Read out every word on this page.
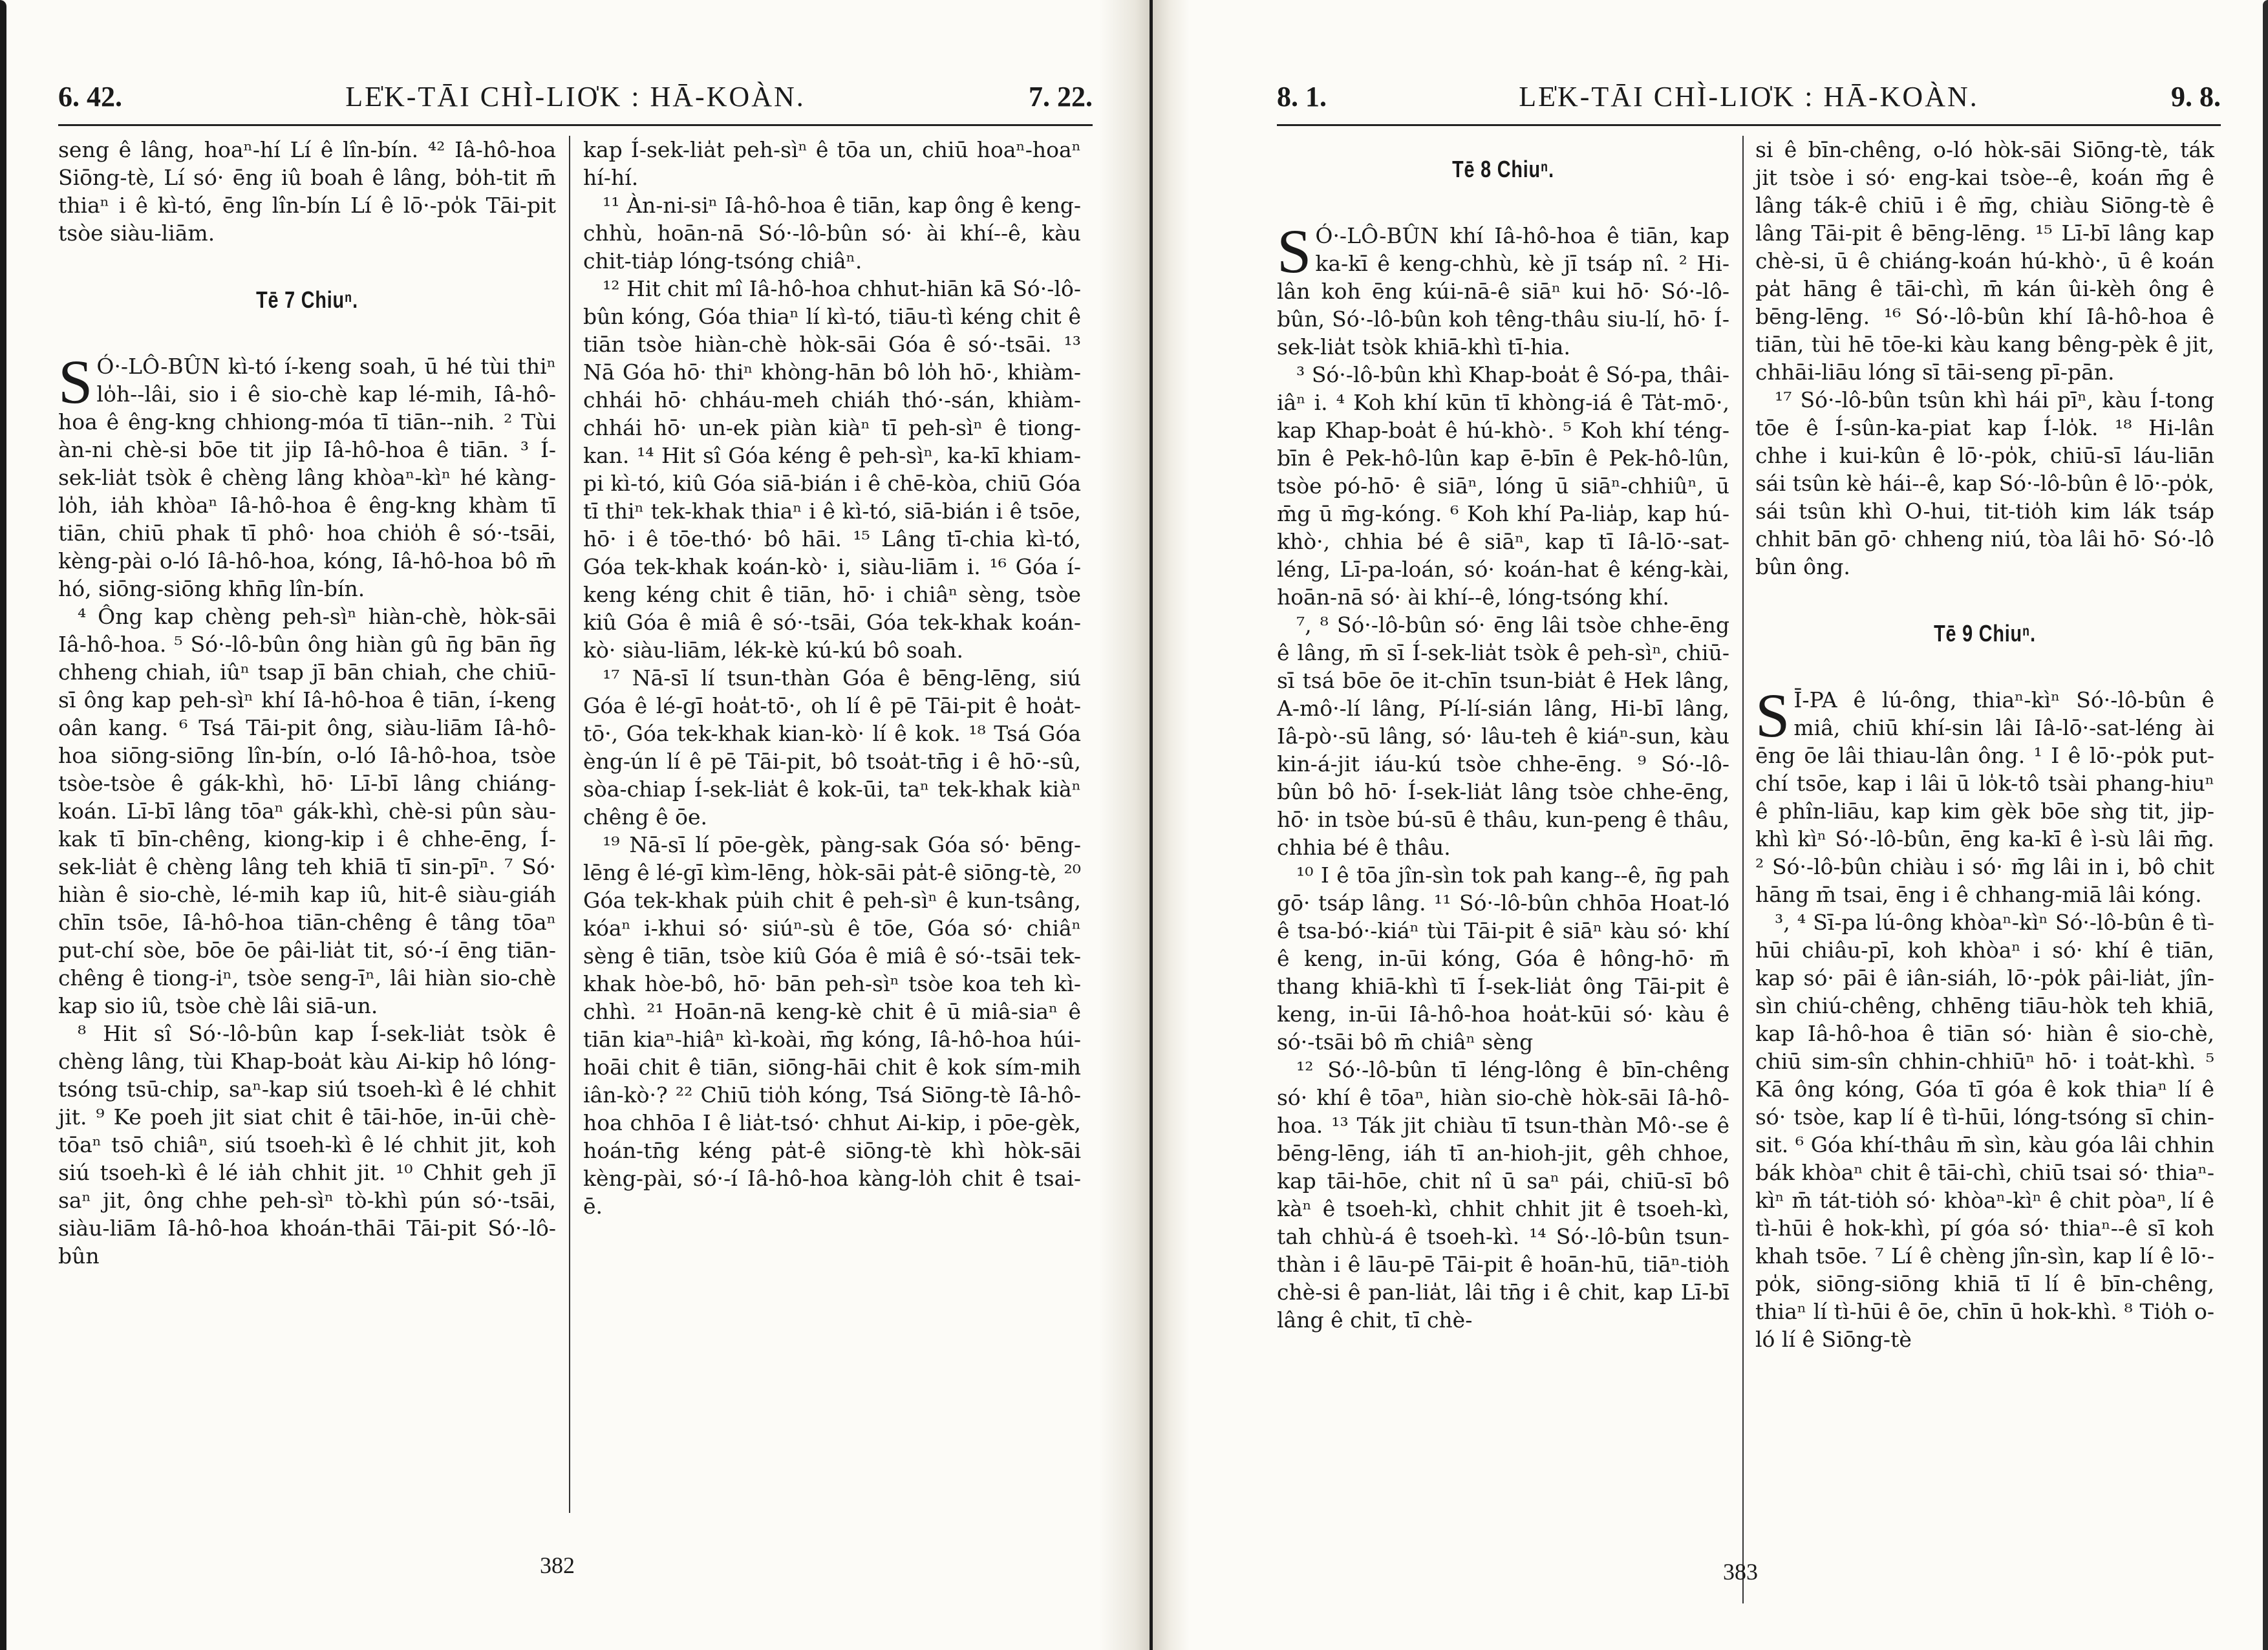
6. 42.	LE̍K-TĀI CHÌ-LIO̍K : HĀ-KOÀN.	7. 22.
seng ê lâng, hoaⁿ-hí Lí ê lîn-bín. ⁴² Iâ-hô-hoa Siōng-tè, Lí só· ēng iû boah ê lâng, bo̍h-tit m̄ thiaⁿ i ê kì-tó, ēng lîn-bín Lí ê lō·-po̍k Tāi-pit tsòe siàu-liām.
Tē 7 Chiuⁿ.
S Ó·-LÔ-BÛN kì-tó í-keng soah, ū hé tùi thiⁿ lo̍h--lâi, sio i ê sio-chè kap lé-mih, Iâ-hô-hoa ê êng-kng chhiong-móa tī tiān--nih. ² Tùi àn-ni chè-si bōe tit ji̍p Iâ-hô-hoa ê tiān. ³ Í-sek-lia̍t tsòk ê chèng lâng khòaⁿ-kìⁿ hé kàng-lo̍h, ia̍h khòaⁿ Iâ-hô-hoa ê êng-kng khàm tī tiān, chiū phak tī phô· hoa chio̍h ê só·-tsāi, kèng-pài o-ló Iâ-hô-hoa, kóng, Iâ-hô-hoa bô m̄ hó, siōng-siōng khn̄g lîn-bín.
⁴ Ông kap chèng peh-sìⁿ hiàn-chè, hòk-sāi Iâ-hô-hoa. ⁵ Só·-lô-bûn ông hiàn gû n̄g bān n̄g chheng chiah, iûⁿ tsap jī bān chiah, che chiū-sī ông kap peh-sìⁿ khí Iâ-hô-hoa ê tiān, í-keng oân kang. ⁶ Tsá Tāi-pit ông, siàu-liām Iâ-hô-hoa siōng-siōng lîn-bín, o-ló Iâ-hô-hoa, tsòe tsòe-tsòe ê gák-khì, hō· Lī-bī lâng chiáng-koán. Lī-bī lâng tōaⁿ gák-khì, chè-si pûn sàu-kak tī bīn-chêng, kiong-kip i ê chhe-ēng, Í-sek-lia̍t ê chèng lâng teh khiā tī sin-pīⁿ. ⁷ Só· hiàn ê sio-chè, lé-mih kap iû, hit-ê siàu-giáh chīn tsōe, Iâ-hô-hoa tiān-chêng ê tâng tōaⁿ put-chí sòe, bōe ōe pâi-lia̍t tit, só·-í ēng tiān-chêng ê tiong-iⁿ, tsòe seng-īⁿ, lâi hiàn sio-chè kap sio iû, tsòe chè lâi siā-un.
⁸ Hit sî Só·-lô-bûn kap Í-sek-lia̍t tsòk ê chèng lâng, tùi Khap-boa̍t kàu Ai-kip hô lóng-tsóng tsū-chi̍p, saⁿ-kap siú tsoeh-kì ê lé chhit jit. ⁹ Ke poeh jit siat chit ê tāi-hōe, in-ūi chè-tōaⁿ tsō chiâⁿ, siú tsoeh-kì ê lé chhit jit, koh siú tsoeh-kì ê lé ia̍h chhit jit. ¹⁰ Chhit geh jī saⁿ jit, ông chhe peh-sìⁿ tò-khì pún só·-tsāi, siàu-liām Iâ-hô-hoa khoán-thāi Tāi-pit Só·-lô-bûn
kap Í-sek-lia̍t peh-sìⁿ ê tōa un, chiū hoaⁿ-hoaⁿ hí-hí.
¹¹ Àn-ni-siⁿ Iâ-hô-hoa ê tiān, kap ông ê keng-chhù, hoān-nā Só·-lô-bûn só· ài khí--ê, kàu chit-tia̍p lóng-tsóng chiâⁿ.
¹² Hit chit mî Iâ-hô-hoa chhut-hiān kā Só·-lô-bûn kóng, Góa thiaⁿ lí kì-tó, tiāu-tì kéng chit ê tiān tsòe hiàn-chè hòk-sāi Góa ê só·-tsāi. ¹³ Nā Góa hō· thiⁿ khòng-hān bô lo̍h hō·, khiàm-chhái hō· chháu-meh chiáh thó·-sán, khiàm-chhái hō· un-ek piàn kiàⁿ tī peh-sìⁿ ê tiong-kan. ¹⁴ Hit sî Góa kéng ê peh-sìⁿ, ka-kī khiam-pi kì-tó, kiû Góa siā-bián i ê chē-kòa, chiū Góa tī thiⁿ tek-khak thiaⁿ i ê kì-tó, siā-bián i ê tsōe, hō· i ê tōe-thó· bô hāi. ¹⁵ Lâng tī-chia kì-tó, Góa tek-khak koán-kò· i, siàu-liām i. ¹⁶ Góa í-keng kéng chit ê tiān, hō· i chiâⁿ sèng, tsòe kiû Góa ê miâ ê só·-tsāi, Góa tek-khak koán-kò· siàu-liām, lék-kè kú-kú bô soah.
¹⁷ Nā-sī lí tsun-thàn Góa ê bēng-lēng, siú Góa ê lé-gī hoa̍t-tō·, oh lí ê pē Tāi-pit ê hoa̍t-tō·, Góa tek-khak kian-kò· lí ê kok. ¹⁸ Tsá Góa èng-ún lí ê pē Tāi-pit, bô tsoa̍t-tn̄g i ê hō·-sû, sòa-chiap Í-sek-lia̍t ê kok-ūi, taⁿ tek-khak kiàⁿ chêng ê ōe.
¹⁹ Nā-sī lí pōe-gèk, pàng-sak Góa só· bēng-lēng ê lé-gī kìm-lēng, hòk-sāi pa̍t-ê siōng-tè, ²⁰ Góa tek-khak pu̍ih chit ê peh-sìⁿ ê kun-tsâng, kóaⁿ i-khui só· siúⁿ-sù ê tōe, Góa só· chiâⁿ sèng ê tiān, tsòe kiû Góa ê miâ ê só·-tsāi tek-khak hòe-bô, hō· bān peh-sìⁿ tsòe koa teh kì-chhì. ²¹ Hoān-nā keng-kè chit ê ū miâ-siaⁿ ê tiān kiaⁿ-hiâⁿ kì-koài, m̄g kóng, Iâ-hô-hoa húi-hoāi chit ê tiān, siōng-hāi chit ê kok sím-mih iân-kò·? ²² Chiū tio̍h kóng, Tsá Siōng-tè Iâ-hô-hoa chhōa I ê lia̍t-tsó· chhut Ai-kip, i pōe-gèk, hoán-tn̄g kéng pa̍t-ê siōng-tè khì hòk-sāi kèng-pài, só·-í Iâ-hô-hoa kàng-lo̍h chit ê tsai-ē.
382
8. 1.	LE̍K-TĀI CHÌ-LIO̍K : HĀ-KOÀN.	9. 8.
Tē 8 Chiuⁿ.
S Ó·-LÔ-BÛN khí Iâ-hô-hoa ê tiān, kap ka-kī ê keng-chhù, kè jī tsáp nî. ² Hi-lân koh ēng kúi-nā-ê siāⁿ kui hō· Só·-lô-bûn, Só·-lô-bûn koh têng-thâu siu-lí, hō· Í-sek-lia̍t tsòk khiā-khì tī-hia.
³ Só·-lô-bûn khì Khap-boa̍t ê Só-pa, thâi-iâⁿ i. ⁴ Koh khí kūn tī khòng-iá ê Ta̍t-mō·, kap Khap-boa̍t ê hú-khò·. ⁵ Koh khí téng-bīn ê Pek-hô-lûn kap ē-bīn ê Pek-hô-lûn, tsòe pó-hō· ê siāⁿ, lóng ū siāⁿ-chhiûⁿ, ū m̄g ū m̄g-kóng. ⁶ Koh khí Pa-lia̍p, kap hú-khò·, chhia bé ê siāⁿ, kap tī Iâ-lō·-sat-léng, Lī-pa-loán, só· koán-hat ê kéng-kài, hoān-nā só· ài khí--ê, lóng-tsóng khí.
⁷, ⁸ Só·-lô-bûn só· ēng lâi tsòe chhe-ēng ê lâng, m̄ sī Í-sek-lia̍t tsòk ê peh-sìⁿ, chiū-sī tsá bōe ōe it-chīn tsun-bia̍t ê Hek lâng, A-mô·-lí lâng, Pí-lí-sián lâng, Hi-bī lâng, Iâ-pò·-sū lâng, só· lâu-teh ê kiáⁿ-sun, kàu kin-á-jit iáu-kú tsòe chhe-ēng. ⁹ Só·-lô-bûn bô hō· Í-sek-lia̍t lâng tsòe chhe-ēng, hō· in tsòe bú-sū ê thâu, kun-peng ê thâu, chhia bé ê thâu.
¹⁰ I ê tōa jîn-sìn tok pah kang--ê, n̄g pah gō· tsáp lâng. ¹¹ Só·-lô-bûn chhōa Hoat-ló ê tsa-bó·-kiáⁿ tùi Tāi-pit ê siāⁿ kàu só· khí ê keng, in-ūi kóng, Góa ê hông-hō· m̄ thang khiā-khì tī Í-sek-lia̍t ông Tāi-pit ê keng, in-ūi Iâ-hô-hoa hoa̍t-kūi só· kàu ê só·-tsāi bô m̄ chiâⁿ sèng
¹² Só·-lô-bûn tī léng-lông ê bīn-chêng só· khí ê tōaⁿ, hiàn sio-chè hòk-sāi Iâ-hô-hoa. ¹³ Ták jit chiàu tī tsun-thàn Mô·-se ê bēng-lēng, iáh tī an-hioh-jit, gêh chhoe, kap tāi-hōe, chit nî ū saⁿ pái, chiū-sī bô kàⁿ ê tsoeh-kì, chhit chhit jit ê tsoeh-kì, tah chhù-á ê tsoeh-kì. ¹⁴ Só·-lô-bûn tsun-thàn i ê lāu-pē Tāi-pit ê hoān-hū, tiāⁿ-tio̍h chè-si ê pan-lia̍t, lâi tn̄g i ê chit, kap Lī-bī lâng ê chit, tī chè-
si ê bīn-chêng, o-ló hòk-sāi Siōng-tè, ták jit tsòe i só· eng-kai tsòe--ê, koán m̄g ê lâng ták-ê chiū i ê m̄g, chiàu Siōng-tè ê lâng Tāi-pit ê bēng-lēng. ¹⁵ Lī-bī lâng kap chè-si, ū ê chiáng-koán hú-khò·, ū ê koán pa̍t hāng ê tāi-chì, m̄ kán ûi-kèh ông ê bēng-lēng. ¹⁶ Só·-lô-bûn khí Iâ-hô-hoa ê tiān, tùi hē tōe-ki kàu kang bêng-pèk ê jit, chhāi-liāu lóng sī tāi-seng pī-pān.
¹⁷ Só·-lô-bûn tsûn khì hái pīⁿ, kàu Í-tong tōe ê Í-sûn-ka-piat kap Í-lo̍k. ¹⁸ Hi-lân chhe i kui-kûn ê lō·-po̍k, chiū-sī láu-liān sái tsûn kè hái--ê, kap Só·-lô-bûn ê lō·-po̍k, sái tsûn khì O-hui, tit-tio̍h kim lák tsáp chhit bān gō· chheng niú, tòa lâi hō· Só·-lô bûn ông.
Tē 9 Chiuⁿ.
S Ī-PA ê lú-ông, thiaⁿ-kìⁿ Só·-lô-bûn ê miâ, chiū khí-sin lâi Iâ-lō·-sat-léng ài ēng ōe lâi thiau-lân ông. ¹ I ê lō·-po̍k put-chí tsōe, kap i lâi ū lo̍k-tô tsài phang-hiuⁿ ê phîn-liāu, kap kim gèk bōe sǹg tit, ji̍p-khì kìⁿ Só·-lô-bûn, ēng ka-kī ê ì-sù lâi m̄g. ² Só·-lô-bûn chiàu i só· m̄g lâi in i, bô chit hāng m̄ tsai, ēng i ê chhang-miā lâi kóng.
³, ⁴ Sī-pa lú-ông khòaⁿ-kìⁿ Só·-lô-bûn ê tì-hūi chiâu-pī, koh khòaⁿ i só· khí ê tiān, kap só· pāi ê iân-siáh, lō·-po̍k pâi-lia̍t, jîn-sìn chiú-chêng, chhēng tiāu-hòk teh khiā, kap Iâ-hô-hoa ê tiān só· hiàn ê sio-chè, chiū sim-sîn chhin-chhiūⁿ hō· i toa̍t-khì. ⁵ Kā ông kóng, Góa tī góa ê kok thiaⁿ lí ê só· tsòe, kap lí ê tì-hūi, lóng-tsóng sī chin-sit. ⁶ Góa khí-thâu m̄ sìn, kàu góa lâi chhin bák khòaⁿ chit ê tāi-chì, chiū tsai só· thiaⁿ-kìⁿ m̄ tát-tio̍h só· khòaⁿ-kìⁿ ê chit pòaⁿ, lí ê tì-hūi ê hok-khì, pí góa só· thiaⁿ--ê sī koh khah tsōe. ⁷ Lí ê chèng jîn-sìn, kap lí ê lō·-po̍k, siōng-siōng khiā tī lí ê bīn-chêng, thiaⁿ lí tì-hūi ê ōe, chīn ū hok-khì. ⁸ Tio̍h o-ló lí ê Siōng-tè
383
